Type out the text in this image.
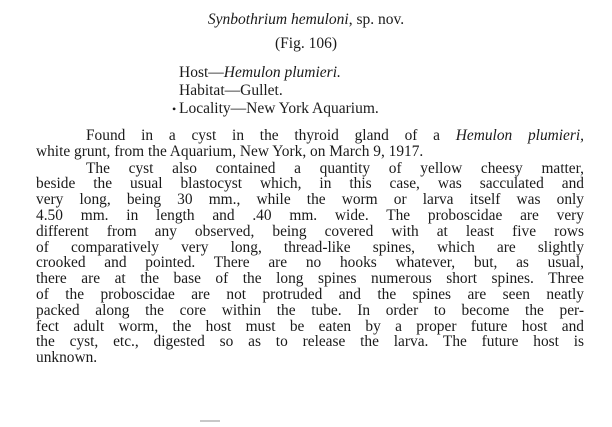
Synbothrium hemuloni, sp. nov.
(Fig. 106)
Host—Hemulon plumieri.
Habitat—Gullet.
• Locality—New York Aquarium.

Found in a cyst in the thyroid gland of a Hemulon plumieri,
white grunt, from the Aquarium, New York, on March 9, 1917.

The cyst also contained a quantity of yellow cheesy matter,
beside the usual blastocyst which, in this case, was sacculated and
very long, being 30 mm., while the worm or larva itself was only
4.50 mm. in length and .40 mm. wide. The proboscidae are very
different from any observed, being covered with at least five rows
of comparatively very long, thread-like spines, which are slightly
crooked and pointed. There are no hooks whatever, but, as usual,
there are at the base of the long spines numerous short spines. Three
of the proboscidae are not protruded and the spines are seen neatly
packed along the core within the tube. In order to become the per-
fect adult worm, the host must be eaten by a proper future host and
the cyst, etc., digested so as to release the larva. The future host is
unknown.
